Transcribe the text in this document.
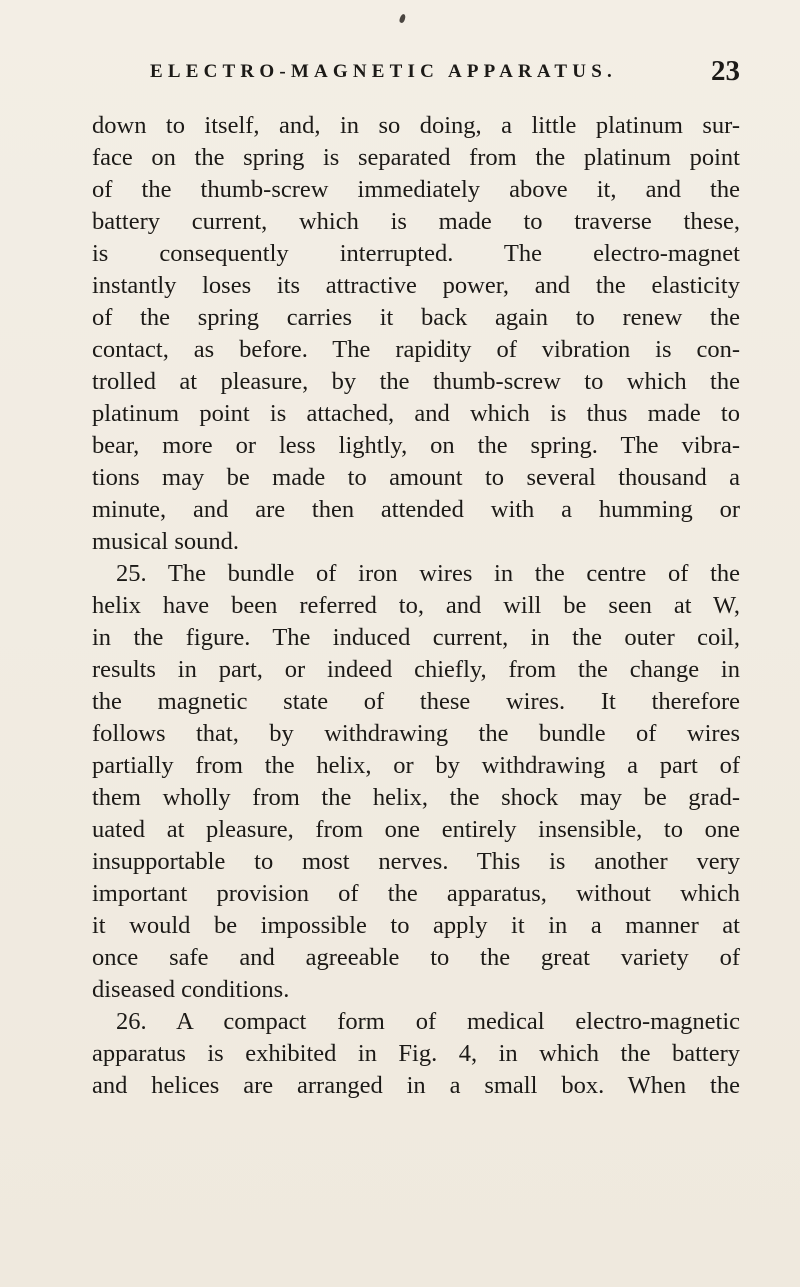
ELECTRO-MAGNETIC APPARATUS.	23
down to itself, and, in so doing, a little platinum sur-
face on the spring is separated from the platinum point
of the thumb-screw immediately above it, and the
battery current, which is made to traverse these,
is consequently interrupted. The electro-magnet
instantly loses its attractive power, and the elasticity
of the spring carries it back again to renew the
contact, as before. The rapidity of vibration is con-
trolled at pleasure, by the thumb-screw to which the
platinum point is attached, and which is thus made to
bear, more or less lightly, on the spring. The vibra-
tions may be made to amount to several thousand a
minute, and are then attended with a humming or
musical sound.
25. The bundle of iron wires in the centre of the
helix have been referred to, and will be seen at W,
in the figure. The induced current, in the outer coil,
results in part, or indeed chiefly, from the change in
the magnetic state of these wires. It therefore
follows that, by withdrawing the bundle of wires
partially from the helix, or by withdrawing a part of
them wholly from the helix, the shock may be grad-
uated at pleasure, from one entirely insensible, to one
insupportable to most nerves. This is another very
important provision of the apparatus, without which
it would be impossible to apply it in a manner at
once safe and agreeable to the great variety of
diseased conditions.
26. A compact form of medical electro-magnetic
apparatus is exhibited in Fig. 4, in which the battery
and helices are arranged in a small box. When the
